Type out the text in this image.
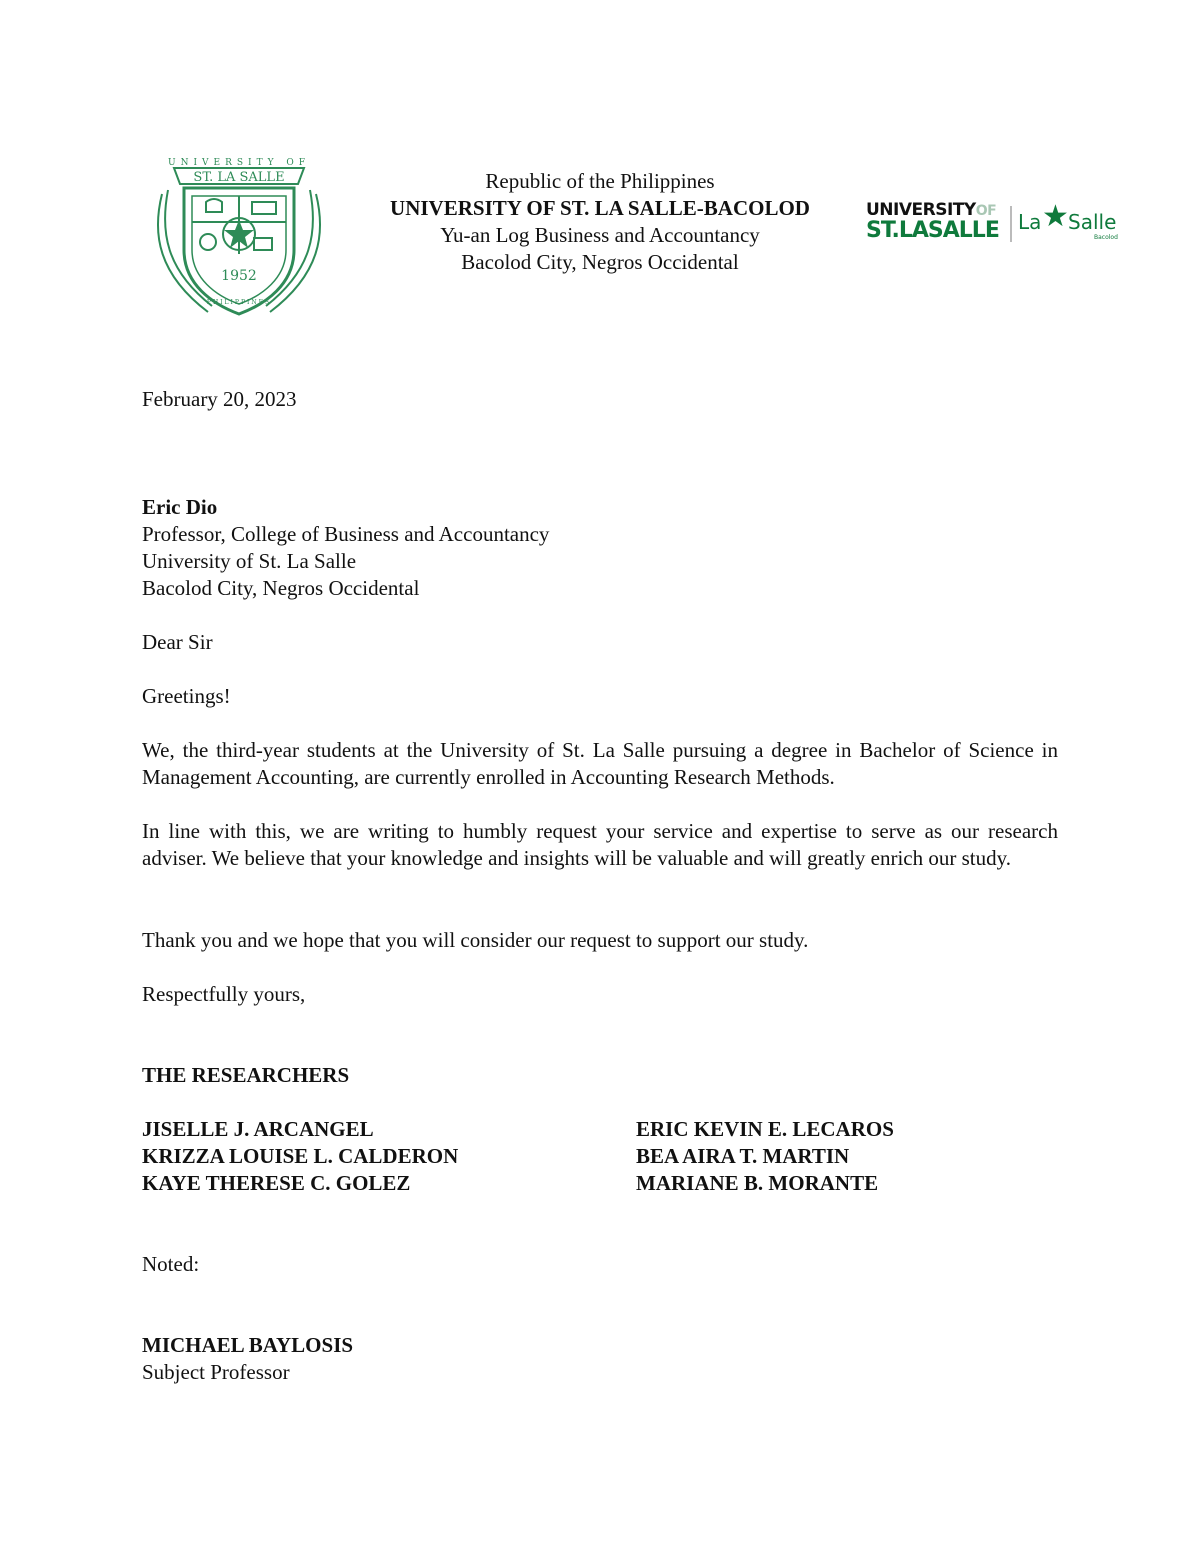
UNIVERSITY OF
ST. LA SALLE
1952
PHILIPPINES
Republic of the Philippines
UNIVERSITY OF ST. LA SALLE-BACOLOD
Yu-an Log Business and Accountancy
Bacolod City, Negros Occidental
UNIVERSITYOF
ST.LASALLE La ★ Salle
Bacolod
February 20, 2023
Eric Dio
Professor, College of Business and Accountancy
University of St. La Salle
Bacolod City, Negros Occidental
Dear Sir
Greetings!
We, the third-year students at the University of St. La Salle pursuing a degree in Bachelor of Science in Management Accounting, are currently enrolled in Accounting Research Methods.
In line with this, we are writing to humbly request your service and expertise to serve as our research adviser. We believe that your knowledge and insights will be valuable and will greatly enrich our study.
Thank you and we hope that you will consider our request to support our study.
Respectfully yours,
THE RESEARCHERS
JISELLE J. ARCANGEL
KRIZZA LOUISE L. CALDERON
KAYE THERESE C. GOLEZ
ERIC KEVIN E. LECAROS
BEA AIRA T. MARTIN
MARIANE B. MORANTE
Noted:
MICHAEL BAYLOSIS
Subject Professor
